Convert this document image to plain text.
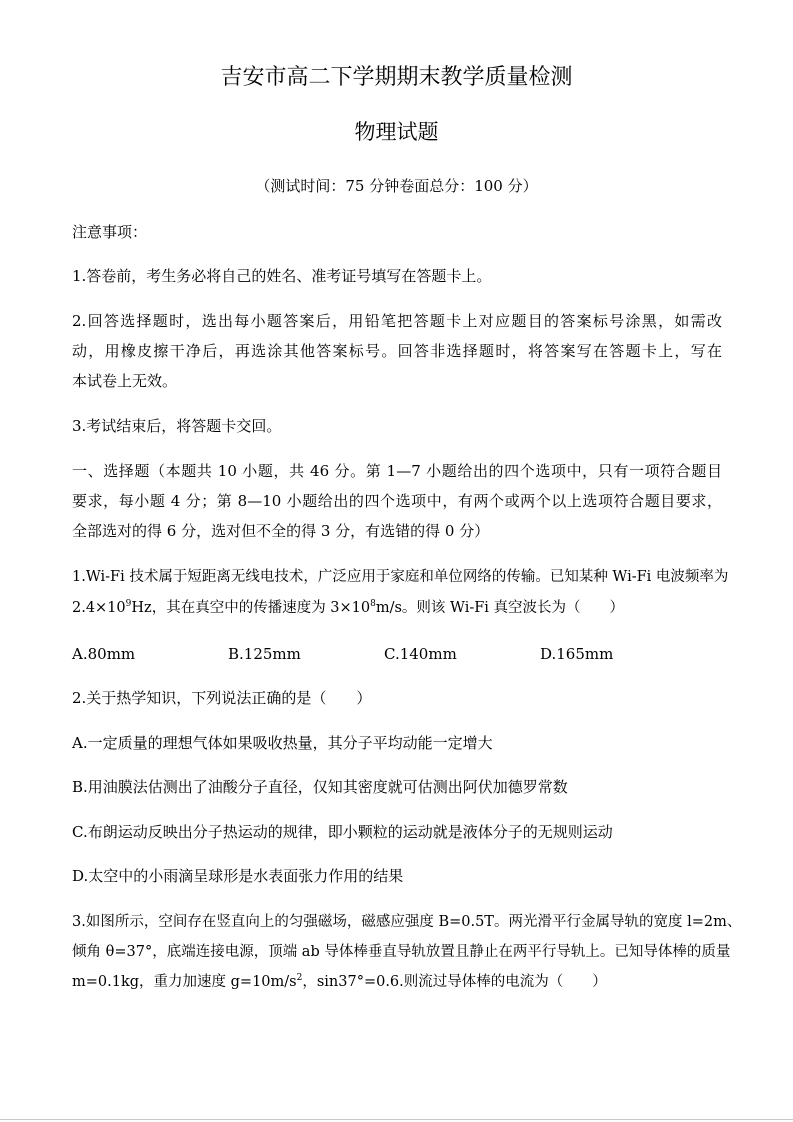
吉安市高二下学期期末教学质量检测
物理试题
（测试时间：75 分钟卷面总分：100 分）
注意事项：
1.答卷前，考生务必将自己的姓名、准考证号填写在答题卡上。
2.回答选择题时，选出每小题答案后，用铅笔把答题卡上对应题目的答案标号涂黑，如需改
动，用橡皮擦干净后，再选涂其他答案标号。回答非选择题时，将答案写在答题卡上，写在
本试卷上无效。
3.考试结束后，将答题卡交回。
一、选择题（本题共 10 小题，共 46 分。第 1—7 小题给出的四个选项中，只有一项符合题目
要求，每小题 4 分；第 8—10 小题给出的四个选项中，有两个或两个以上选项符合题目要求，
全部选对的得 6 分，选对但不全的得 3 分，有选错的得 0 分）
1.Wi-Fi 技术属于短距离无线电技术，广泛应用于家庭和单位网络的传输。已知某种 Wi-Fi 电波频率为
$2.4\times 10^9Hz$，其在真空中的传播速度为 $3\times 10^8m/s$。则该 Wi-Fi 真空波长为（　　）
A.80mm	B.125mm	C.140mm	D.165mm
2.关于热学知识，下列说法正确的是（　　）
A.一定质量的理想气体如果吸收热量，其分子平均动能一定增大
B.用油膜法估测出了油酸分子直径，仅知其密度就可估测出阿伏加德罗常数
C.布朗运动反映出分子热运动的规律，即小颗粒的运动就是液体分子的无规则运动
D.太空中的小雨滴呈球形是水表面张力作用的结果
3.如图所示，空间存在竖直向上的匀强磁场，磁感应强度 B=0.5T。两光滑平行金属导轨的宽度 l=2m、
倾角 θ=37°，底端连接电源，顶端 ab 导体棒垂直导轨放置且静止在两平行导轨上。已知导体棒的质量
m=0.1kg，重力加速度 $g=10m/s^2$，sin37°=0.6.则流过导体棒的电流为（　　）
